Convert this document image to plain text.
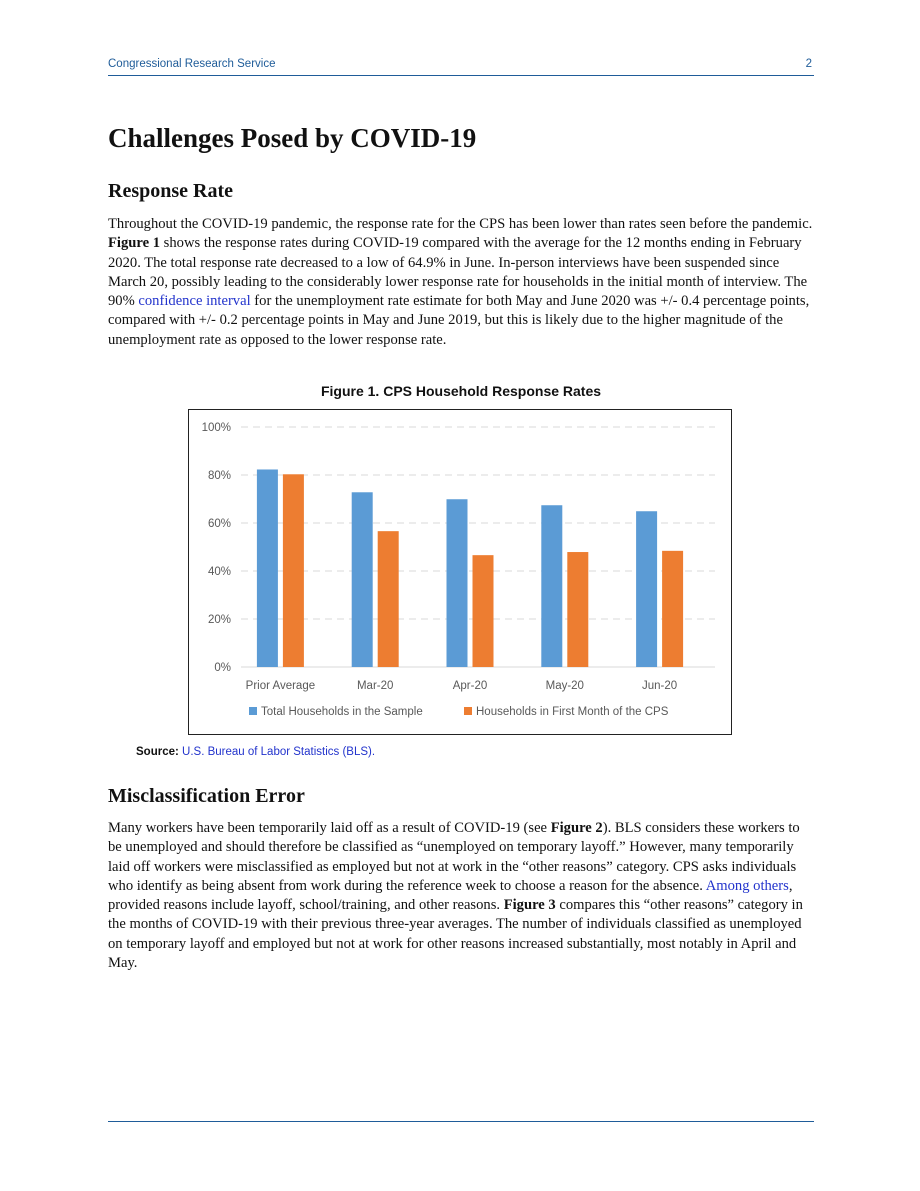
Congressional Research Service	2
Challenges Posed by COVID-19
Response Rate

Throughout the COVID-19 pandemic, the response rate for the CPS has been lower than rates seen before the pandemic. Figure 1 shows the response rates during COVID-19 compared with the average for the 12 months ending in February 2020. The total response rate decreased to a low of 64.9% in June. In-person interviews have been suspended since March 20, possibly leading to the considerably lower response rate for households in the initial month of interview. The 90% confidence interval for the unemployment rate estimate for both May and June 2020 was +/- 0.4 percentage points, compared with +/- 0.2 percentage points in May and June 2019, but this is likely due to the higher magnitude of the unemployment rate as opposed to the lower response rate.

Figure 1. CPS Household Response Rates
0%
20%
40%
60%
80%
100%
Prior Average	Mar-20	Apr-20	May-20	Jun-20
Total Households in the Sample	Households in First Month of the CPS
Source: U.S. Bureau of Labor Statistics (BLS).
Misclassification Error

Many workers have been temporarily laid off as a result of COVID-19 (see Figure 2). BLS considers these workers to be unemployed and should therefore be classified as “unemployed on temporary layoff.” However, many temporarily laid off workers were misclassified as employed but not at work in the “other reasons” category. CPS asks individuals who identify as being absent from work during the reference week to choose a reason for the absence. Among others, provided reasons include layoff, school/training, and other reasons. Figure 3 compares this “other reasons” category in the months of COVID-19 with their previous three-year averages. The number of individuals classified as unemployed on temporary layoff and employed but not at work for other reasons increased substantially, most notably in April and May.
